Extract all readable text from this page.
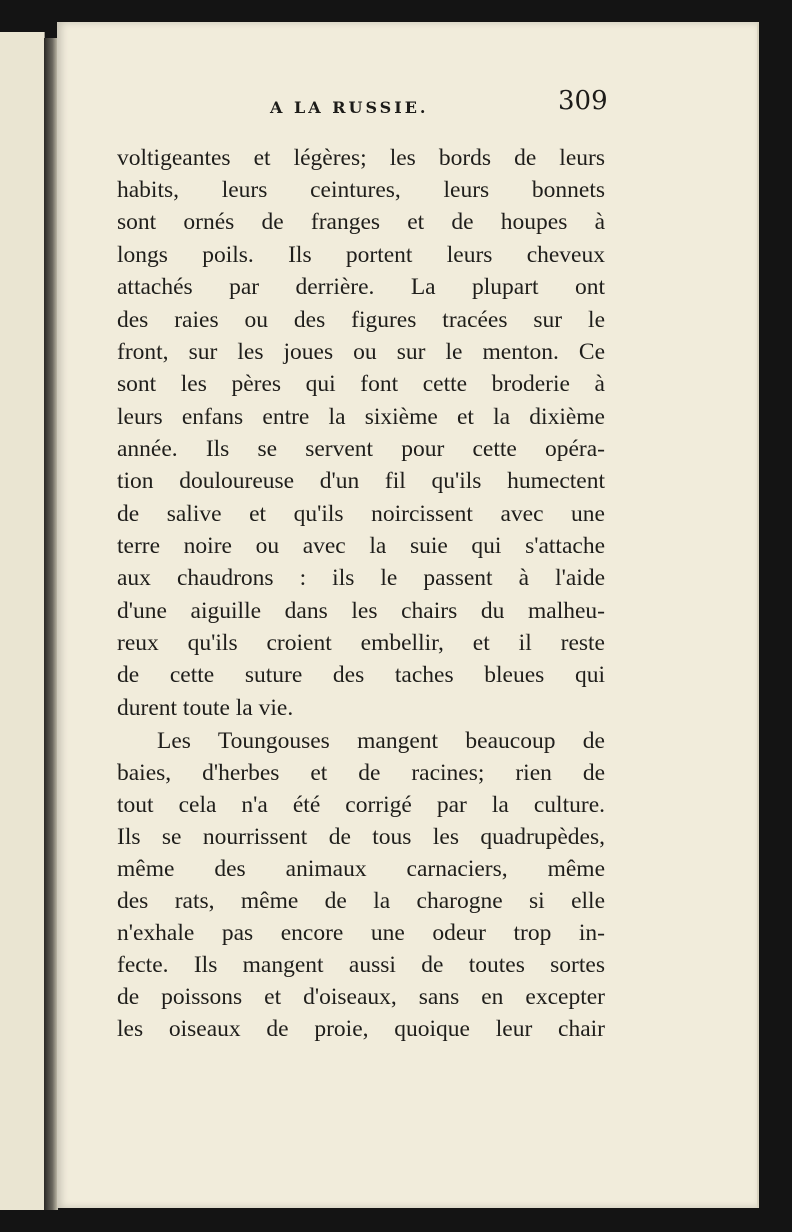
A LA RUSSIE.	309

voltigeantes et légères; les bords de leurs

habits, leurs ceintures, leurs bonnets

sont ornés de franges et de houpes à

longs poils. Ils portent leurs cheveux

attachés par derrière. La plupart ont

des raies ou des figures tracées sur le

front, sur les joues ou sur le menton. Ce

sont les pères qui font cette broderie à

leurs enfans entre la sixième et la dixième

année. Ils se servent pour cette opéra-

tion douloureuse d'un fil qu'ils humectent

de salive et qu'ils noircissent avec une

terre noire ou avec la suie qui s'attache

aux chaudrons : ils le passent à l'aide

d'une aiguille dans les chairs du malheu-

reux qu'ils croient embellir, et il reste

de cette suture des taches bleues qui

durent toute la vie.

Les Toungouses mangent beaucoup de

baies, d'herbes et de racines; rien de

tout cela n'a été corrigé par la culture.

Ils se nourrissent de tous les quadrupèdes,

même des animaux carnaciers, même

des rats, même de la charogne si elle

n'exhale pas encore une odeur trop in-

fecte. Ils mangent aussi de toutes sortes

de poissons et d'oiseaux, sans en excepter

les oiseaux de proie, quoique leur chair
